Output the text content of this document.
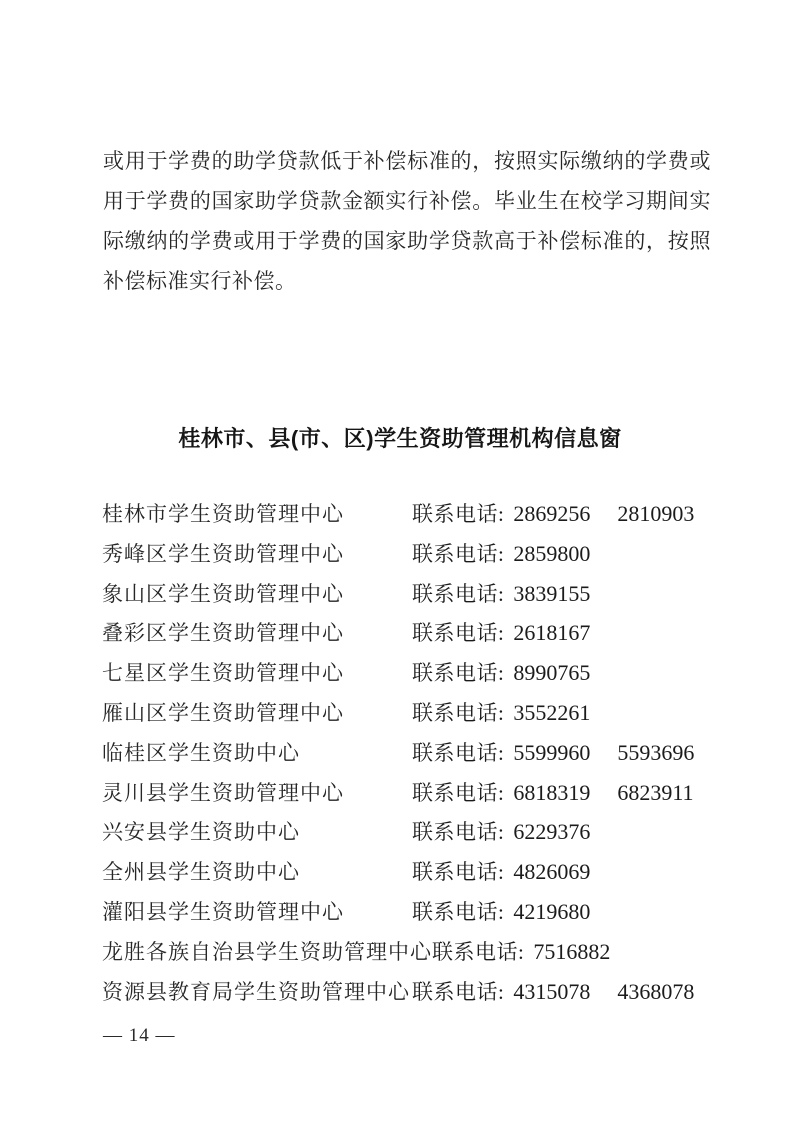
或用于学费的助学贷款低于补偿标准的，按照实际缴纳的学费或
用于学费的国家助学贷款金额实行补偿。毕业生在校学习期间实
际缴纳的学费或用于学费的国家助学贷款高于补偿标准的，按照
补偿标准实行补偿。
桂林市、县(市、区)学生资助管理机构信息窗
桂林市学生资助管理中心	联系电话: 2869256 2810903
秀峰区学生资助管理中心	联系电话: 2859800
象山区学生资助管理中心	联系电话: 3839155
叠彩区学生资助管理中心	联系电话: 2618167
七星区学生资助管理中心	联系电话: 8990765
雁山区学生资助管理中心	联系电话: 3552261
临桂区学生资助中心	联系电话: 5599960 5593696
灵川县学生资助管理中心	联系电话: 6818319 6823911
兴安县学生资助中心	联系电话: 6229376
全州县学生资助中心	联系电话: 4826069
灌阳县学生资助管理中心	联系电话: 4219680
龙胜各族自治县学生资助管理中心 联系电话: 7516882
资源县教育局学生资助管理中心 联系电话: 4315078 4368078
— 14 —
